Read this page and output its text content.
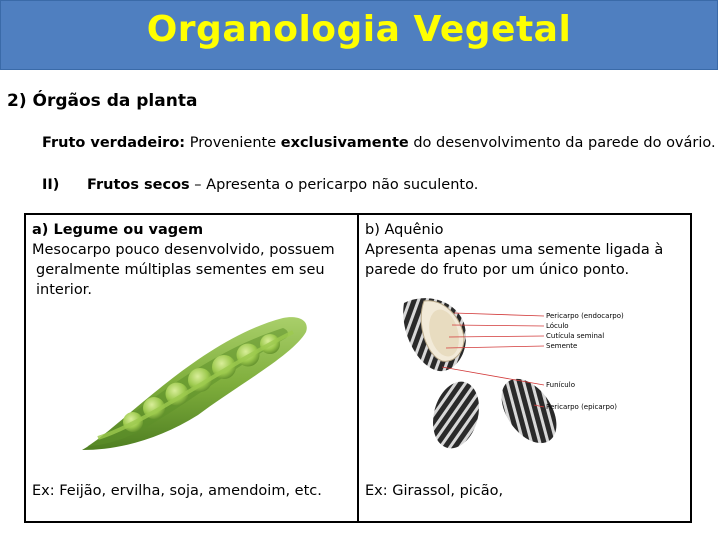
Organologia Vegetal
2) Órgãos da planta
Fruto verdadeiro: Proveniente exclusivamente do desenvolvimento da parede do ovário.
II) Frutos secos – Apresenta o pericarpo não suculento.
a) Legume ou vagem
Mesocarpo pouco desenvolvido, possuem geralmente múltiplas sementes em seu interior.
Ex: Feijão, ervilha, soja, amendoim, etc.
b) Aquênio
Apresenta apenas uma semente ligada à parede do fruto por um único ponto.
Pericarpo (endocarpo)
Lóculo
Cutícula seminal
Semente
Funículo
Pericarpo (epicarpo)
Ex: Girassol, picão,
